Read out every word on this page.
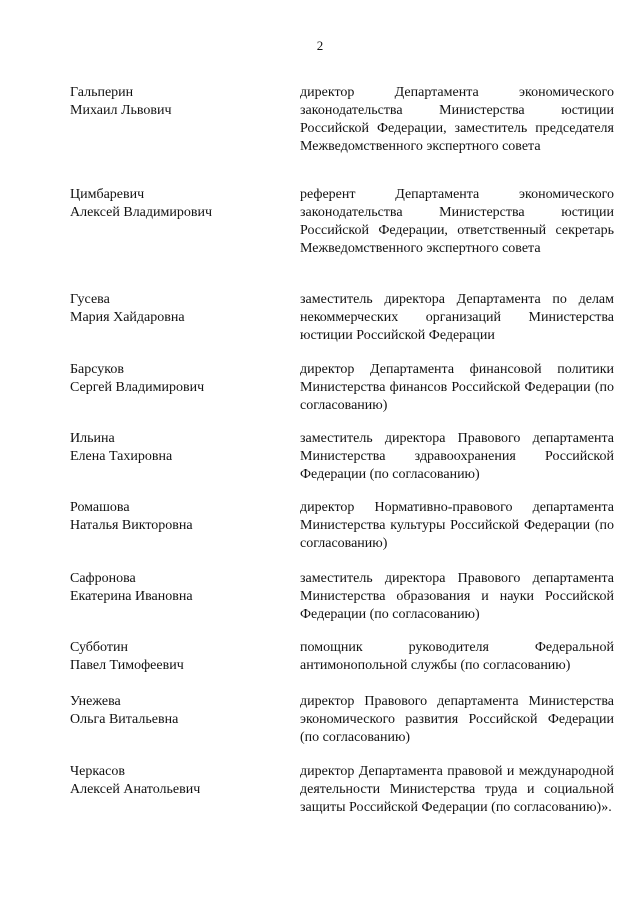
2
Гальперин
Михаил Львович
директор Департамента экономического законодательства Министерства юстиции Российской Федерации, заместитель председателя Межведомственного экспертного совета
Цимбаревич
Алексей Владимирович
референт Департамента экономического законодательства Министерства юстиции Российской Федерации, ответственный секретарь Межведомственного экспертного совета
Гусева
Мария Хайдаровна
заместитель директора Департамента по делам некоммерческих организаций Министерства юстиции Российской Федерации
Барсуков
Сергей Владимирович
директор Департамента финансовой политики Министерства финансов Российской Федерации (по согласованию)
Ильина
Елена Тахировна
заместитель директора Правового департамента Министерства здравоохранения Российской Федерации (по согласованию)
Ромашова
Наталья Викторовна
директор Нормативно-правового департамента Министерства культуры Российской Федерации (по согласованию)
Сафронова
Екатерина Ивановна
заместитель директора Правового департамента Министерства образования и науки Российской Федерации (по согласованию)
Субботин
Павел Тимофеевич
помощник руководителя Федеральной антимонопольной службы (по согласованию)
Унежева
Ольга Витальевна
директор Правового департамента Министерства экономического развития Российской Федерации (по согласованию)
Черкасов
Алексей Анатольевич
директор Департамента правовой и международной деятельности Министерства труда и социальной защиты Российской Федерации (по согласованию)».
